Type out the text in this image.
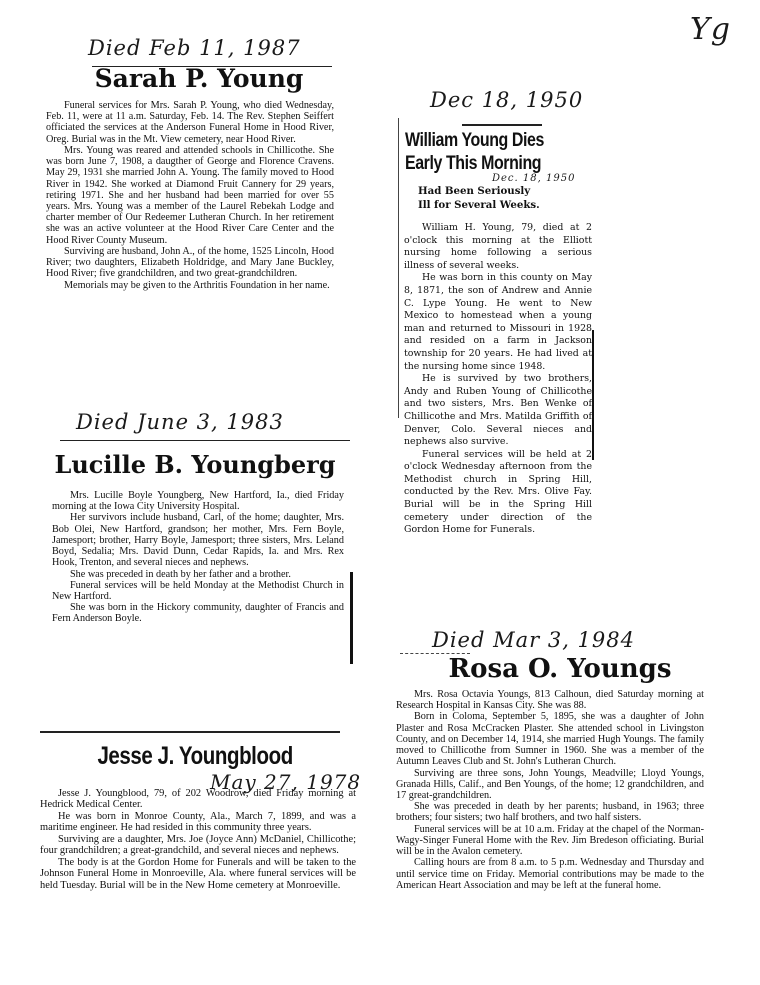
Yg
Died Feb 11, 1987
Sarah P. Young

Funeral services for Mrs. Sarah P. Young, who died Wednesday, Feb. 11, were at 11 a.m. Saturday, Feb. 14. The Rev. Stephen Seiffert officiated the services at the Anderson Funeral Home in Hood River, Oreg. Burial was in the Mt. View cemetery, near Hood River.

Mrs. Young was reared and attended schools in Chillicothe. She was born June 7, 1908, a daugther of George and Florence Cravens. May 29, 1931 she married John A. Young. The family moved to Hood River in 1942. She worked at Diamond Fruit Cannery for 29 years, retiring 1971. She and her husband had been married for over 55 years. Mrs. Young was a member of the Laurel Rebekah Lodge and charter member of Our Redeemer Lutheran Church. In her retirement she was an active volunteer at the Hood River Care Center and the Hood River County Museum.

Surviving are husband, John A., of the home, 1525 Lincoln, Hood River; two daughters, Elizabeth Holdridge, and Mary Jane Buckley, Hood River; five grandchildren, and two great-grandchildren.

Memorials may be given to the Arthritis Foundation in her name.

Died June 3, 1983
Lucille B. Youngberg

Mrs. Lucille Boyle Youngberg, New Hartford, Ia., died Friday morning at the Iowa City University Hospital.

Her survivors include husband, Carl, of the home; daughter, Mrs. Bob Olei, New Hartford, grandson; her mother, Mrs. Fern Boyle, Jamesport; brother, Harry Boyle, Jamesport; three sisters, Mrs. Leland Boyd, Sedalia; Mrs. David Dunn, Cedar Rapids, Ia. and Mrs. Rex Hook, Trenton, and several nieces and nephews.

She was preceded in death by her father and a brother.

Funeral services will be held Monday at the Methodist Church in New Hartford.

She was born in the Hickory community, daughter of Francis and Fern Anderson Boyle.

Jesse J. Youngblood
May 27, 1978

Jesse J. Youngblood, 79, of 202 Woodrow, died Friday morning at Hedrick Medical Center.

He was born in Monroe County, Ala., March 7, 1899, and was a maritime engineer. He had resided in this community three years.

Surviving are a daughter, Mrs. Joe (Joyce Ann) McDaniel, Chillicothe; four grandchildren; a great-grandchild, and several nieces and nephews.

The body is at the Gordon Home for Funerals and will be taken to the Johnson Funeral Home in Monroeville, Ala. where funeral services will be held Tuesday. Burial will be in the New Home cemetery at Monroeville.

Dec 18, 1950
William Young Dies
Early This Morning
Dec. 18, 1950
Had Been Seriously
Ill for Several Weeks.

William H. Young, 79, died at 2 o'clock this morning at the Elliott nursing home following a serious illness of several weeks.

He was born in this county on May 8, 1871, the son of Andrew and Annie C. Lype Young. He went to New Mexico to homestead when a young man and returned to Missouri in 1928 and resided on a farm in Jackson township for 20 years. He had lived at the nursing home since 1948.

He is survived by two brothers, Andy and Ruben Young of Chillicothe and two sisters, Mrs. Ben Wenke of Chillicothe and Mrs. Matilda Griffith of Denver, Colo. Several nieces and nephews also survive.

Funeral services will be held at 2 o'clock Wednesday afternoon from the Methodist church in Spring Hill, conducted by the Rev. Mrs. Olive Fay. Burial will be in the Spring Hill cemetery under direction of the Gordon Home for Funerals.

Died Mar 3, 1984
Rosa O. Youngs

Mrs. Rosa Octavia Youngs, 813 Calhoun, died Saturday morning at Research Hospital in Kansas City. She was 88.

Born in Coloma, September 5, 1895, she was a daughter of John Plaster and Rosa McCracken Plaster. She attended school in Livingston County, and on December 14, 1914, she married Hugh Youngs. The family moved to Chillicothe from Sumner in 1960. She was a member of the Autumn Leaves Club and St. John's Lutheran Church.

Surviving are three sons, John Youngs, Meadville; Lloyd Youngs, Granada Hills, Calif., and Ben Youngs, of the home; 12 grandchildren, and 17 great-grandchildren.

She was preceded in death by her parents; husband, in 1963; three brothers; four sisters; two half brothers, and two half sisters.

Funeral services will be at 10 a.m. Friday at the chapel of the Norman-Wagy-Singer Funeral Home with the Rev. Jim Bredeson officiating. Burial will be in the Avalon cemetery.

Calling hours are from 8 a.m. to 5 p.m. Wednesday and Thursday and until service time on Friday. Memorial contributions may be made to the American Heart Association and may be left at the funeral home.
